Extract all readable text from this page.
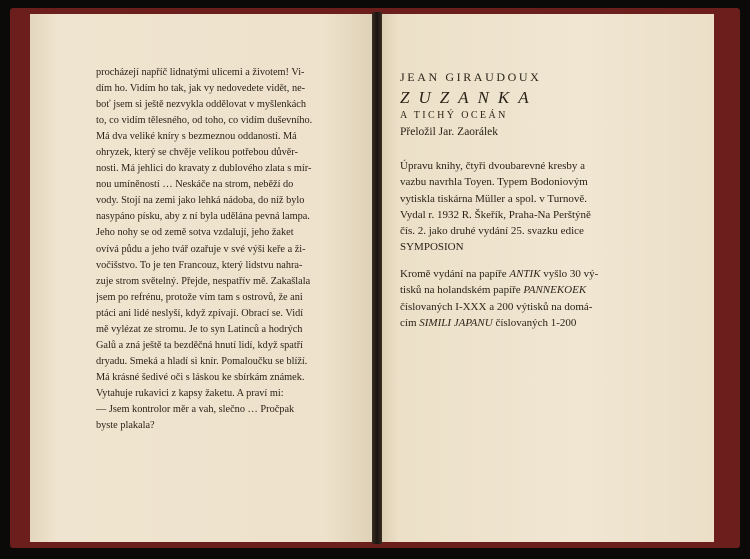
procházejí napříč lidnatými ulicemi a životem! Vi-
dím ho. Vidím ho tak, jak vy nedovedete vidět, ne-
boť jsem si ještě nezvykla oddělovat v myšlenkách
to, co vidím tělesného, od toho, co vidím duševního.
Má dva veliké kníry s bezmeznou oddaností. Má
ohryzek, který se chvěje velikou potřebou důvěr-
nosti. Má jehlici do kravaty z dublového zlata s mír-
nou umíněností … Neskáče na strom, neběží do
vody. Stojí na zemi jako lehká nádoba, do níž bylo
nasypáno písku, aby z ní byla udělána pevná lampa.
Jeho nohy se od země sotva vzdalují, jeho žaket
ovívá půdu a jeho tvář ozařuje v své výši keře a ži-
vočišstvo. To je ten Francouz, který lidstvu nahra-
zuje strom světelný. Přejde, nespatřív mě. Zakašlala
jsem po refrénu, protože vím tam s ostrovů, že ani
ptáci ani lidé neslyší, když zpívají. Obrací se. Vidí
mě vylézat ze stromu. Je to syn Latinců a hodrých
Galů a zná ještě ta bezděčná hnutí lidí, když spatří
dryadu. Smeká a hladí si knír. Pomaloučku se blíží.
Má krásné šedivé oči s láskou ke sbírkám známek.
Vytahuje rukavici z kapsy žaketu. A praví mi:
— Jsem kontrolor měr a vah, slečno … Pročpak
byste plakala?
JEAN GIRAUDOUX
ZUZANKA
A TICHÝ OCEÁN
Přeložil Jar. Zaorálek
Úpravu knihy, čtyři dvoubarevné kresby a
vazbu navrhla Toyen. Typem Bodoniovým
vytiskla tiskárna Müller a spol. v Turnově.
Vydal r. 1932 R. Škeřík, Praha-Na Perštýně
čís. 2. jako druhé vydání 25. svazku edice
SYMPOSION
Kromě vydání na papíře ANTIK vyšlo 30 vý-
tisků na holandském papíře PANNEKOEK
číslovaných I-XXX a 200 výtisků na domá-
cím SIMILI JAPANU číslovaných 1-200
